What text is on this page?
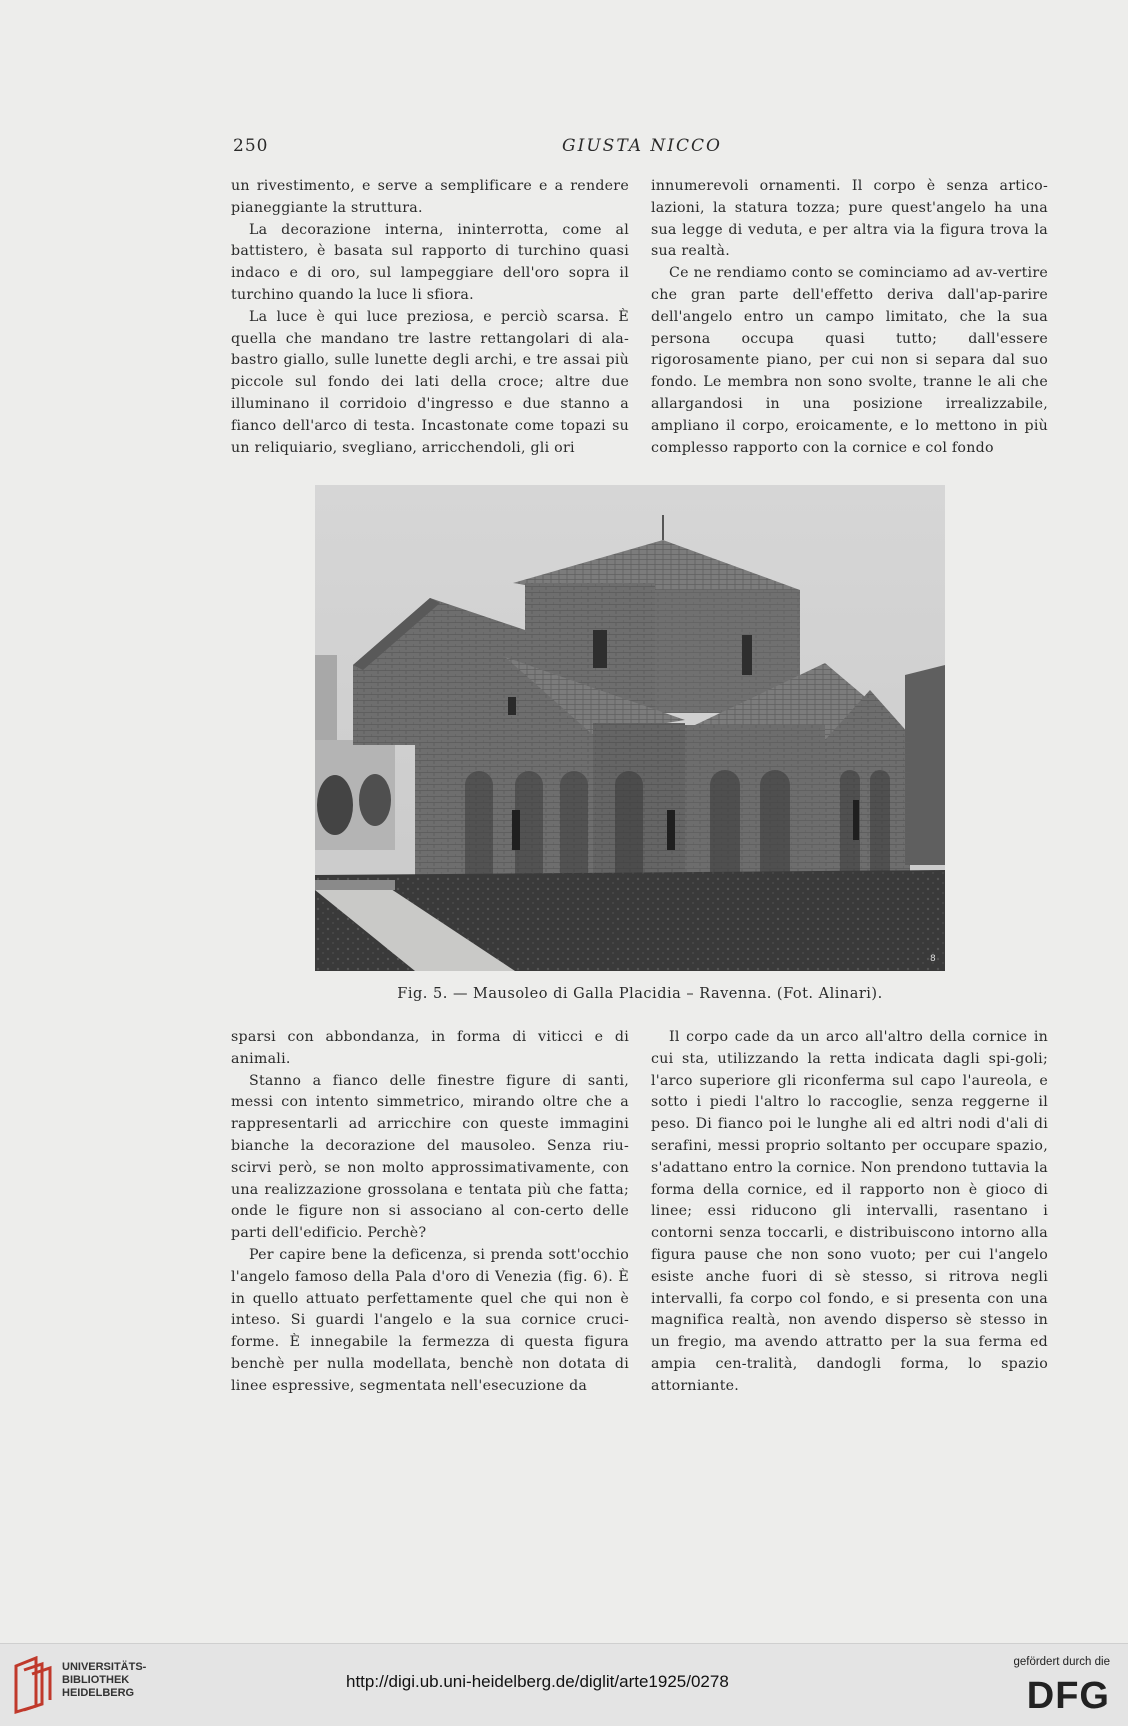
250	GIUSTA NICCO

un rivestimento, e serve a semplificare e a rendere pianeggiante la struttura.

La decorazione interna, ininterrotta, come al battistero, è basata sul rapporto di turchino quasi indaco e di oro, sul lampeggiare dell'oro sopra il turchino quando la luce li sfiora.

La luce è qui luce preziosa, e perciò scarsa. È quella che mandano tre lastre rettangolari di ala-bastro giallo, sulle lunette degli archi, e tre assai più piccole sul fondo dei lati della croce; altre due illuminano il corridoio d'ingresso e due stanno a fianco dell'arco di testa. Incastonate come topazi su un reliquiario, svegliano, arricchendoli, gli ori

innumerevoli ornamenti. Il corpo è senza artico-lazioni, la statura tozza; pure quest'angelo ha una sua legge di veduta, e per altra via la figura trova la sua realtà.

Ce ne rendiamo conto se cominciamo ad av-vertire che gran parte dell'effetto deriva dall'ap-parire dell'angelo entro un campo limitato, che la sua persona occupa quasi tutto; dall'essere rigorosamente piano, per cui non si separa dal suo fondo. Le membra non sono svolte, tranne le ali che allargandosi in una posizione irrealizzabile, ampliano il corpo, eroicamente, e lo mettono in più complesso rapporto con la cornice e col fondo

8
Fig. 5. — Mausoleo di Galla Placidia – Ravenna. (Fot. Alinari).

sparsi con abbondanza, in forma di viticci e di animali.

Stanno a fianco delle finestre figure di santi, messi con intento simmetrico, mirando oltre che a rappresentarli ad arricchire con queste immagini bianche la decorazione del mausoleo. Senza riu-scirvi però, se non molto approssimativamente, con una realizzazione grossolana e tentata più che fatta; onde le figure non si associano al con-certo delle parti dell'edificio. Perchè?

Per capire bene la deficenza, si prenda sott'occhio l'angelo famoso della Pala d'oro di Venezia (fig. 6). È in quello attuato perfettamente quel che qui non è inteso. Si guardi l'angelo e la sua cornice cruci-forme. È innegabile la fermezza di questa figura benchè per nulla modellata, benchè non dotata di linee espressive, segmentata nell'esecuzione da

Il corpo cade da un arco all'altro della cornice in cui sta, utilizzando la retta indicata dagli spi-goli; l'arco superiore gli riconferma sul capo l'aureola, e sotto i piedi l'altro lo raccoglie, senza reggerne il peso. Di fianco poi le lunghe ali ed altri nodi d'ali di serafini, messi proprio soltanto per occupare spazio, s'adattano entro la cornice. Non prendono tuttavia la forma della cornice, ed il rapporto non è gioco di linee; essi riducono gli intervalli, rasentano i contorni senza toccarli, e distribuiscono intorno alla figura pause che non sono vuoto; per cui l'angelo esiste anche fuori di sè stesso, si ritrova negli intervalli, fa corpo col fondo, e si presenta con una magnifica realtà, non avendo disperso sè stesso in un fregio, ma avendo attratto per la sua ferma ed ampia cen-tralità, dandogli forma, lo spazio attorniante.

UNIVERSITÄTS-
BIBLIOTHEK
HEIDELBERG
http://digi.ub.uni-heidelberg.de/diglit/arte1925/0278
gefördert durch die
DFG
